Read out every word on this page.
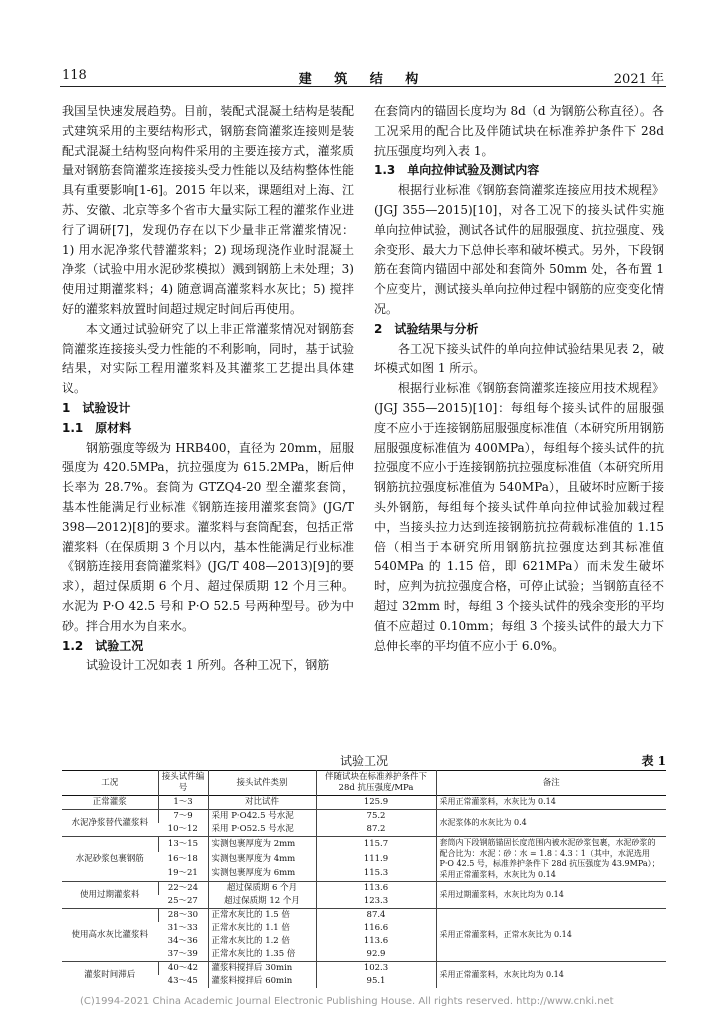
118	建 筑 结 构	2021 年

我国呈快速发展趋势。目前，装配式混凝土结构是装配式建筑采用的主要结构形式，钢筋套筒灌浆连接则是装配式混凝土结构竖向构件采用的主要连接方式，灌浆质量对钢筋套筒灌浆连接接头受力性能以及结构整体性能具有重要影响[1-6]。2015 年以来，课题组对上海、江苏、安徽、北京等多个省市大量实际工程的灌浆作业进行了调研[7]，发现仍存在以下少量非正常灌浆情况：1) 用水泥净浆代替灌浆料；2) 现场现浇作业时混凝土净浆（试验中用水泥砂浆模拟）溅到钢筋上未处理；3) 使用过期灌浆料；4) 随意调高灌浆料水灰比；5) 搅拌好的灌浆料放置时间超过规定时间后再使用。

本文通过试验研究了以上非正常灌浆情况对钢筋套筒灌浆连接接头受力性能的不利影响，同时，基于试验结果，对实际工程用灌浆料及其灌浆工艺提出具体建议。

1　试验设计

1.1　原材料

钢筋强度等级为 HRB400，直径为 20mm，屈服强度为 420.5MPa，抗拉强度为 615.2MPa，断后伸长率为 28.7%。套筒为 GTZQ4-20 型全灌浆套筒，基本性能满足行业标准《钢筋连接用灌浆套筒》(JG/T 398—2012)[8]的要求。灌浆料与套筒配套，包括正常灌浆料（在保质期 3 个月以内，基本性能满足行业标准《钢筋连接用套筒灌浆料》(JG/T 408—2013)[9]的要求），超过保质期 6 个月、超过保质期 12 个月三种。水泥为 P·O 42.5 号和 P·O 52.5 号两种型号。砂为中砂。拌合用水为自来水。

1.2　试验工况

试验设计工况如表 1 所列。各种工况下，钢筋

在套筒内的锚固长度均为 8d（d 为钢筋公称直径）。各工况采用的配合比及伴随试块在标准养护条件下 28d 抗压强度均列入表 1。

1.3　单向拉伸试验及测试内容

根据行业标准《钢筋套筒灌浆连接应用技术规程》(JGJ 355—2015)[10]，对各工况下的接头试件实施单向拉伸试验，测试各试件的屈服强度、抗拉强度、残余变形、最大力下总伸长率和破坏模式。另外，下段钢筋在套筒内锚固中部处和套筒外 50mm 处，各布置 1 个应变片，测试接头单向拉伸过程中钢筋的应变变化情况。

2　试验结果与分析

各工况下接头试件的单向拉伸试验结果见表 2，破坏模式如图 1 所示。

根据行业标准《钢筋套筒灌浆连接应用技术规程》(JGJ 355—2015)[10]：每组每个接头试件的屈服强度不应小于连接钢筋屈服强度标准值（本研究所用钢筋屈服强度标准值为 400MPa），每组每个接头试件的抗拉强度不应小于连接钢筋抗拉强度标准值（本研究所用钢筋抗拉强度标准值为 540MPa），且破坏时应断于接头外钢筋，每组每个接头试件单向拉伸试验加载过程中，当接头拉力达到连接钢筋抗拉荷载标准值的 1.15 倍（相当于本研究所用钢筋抗拉强度达到其标准值 540MPa 的 1.15 倍，即 621MPa）而未发生破坏时，应判为抗拉强度合格，可停止试验；当钢筋直径不超过 32mm 时，每组 3 个接头试件的残余变形的平均值不应超过 0.10mm；每组 3 个接头试件的最大力下总伸长率的平均值不应小于 6.0%。

试验工况	表 1
工况	接头试件编号	接头试件类别	伴随试块在标准养护条件下 28d 抗压强度/MPa	备注
正常灌浆	1～3	对比试件	125.9	采用正常灌浆料，水灰比为 0.14
水泥净浆替代灌浆料	7～9	采用 P·O42.5 号水泥	75.2	水泥浆体的水灰比为 0.4
	10～12	采用 P·O52.5 号水泥	87.2	
水泥砂浆包裹钢筋	13～15	实测包裹厚度为 2mm	115.7	套筒内下段钢筋锚固长度范围内被水泥砂浆包裹，水泥砂浆的配合比为：水泥∶砂∶水 = 1.8∶4.3∶1（其中，水泥选用 P·O 42.5 号，标准养护条件下 28d 抗压强度为 43.9MPa）；采用正常灌浆料，水灰比为 0.14
	16～18	实测包裹厚度为 4mm	111.9	
	19～21	实测包裹厚度为 6mm	115.3	
使用过期灌浆料	22～24	超过保质期 6 个月	113.6	采用过期灌浆料，水灰比均为 0.14
	25～27	超过保质期 12 个月	123.3	
使用高水灰比灌浆料	28～30	正常水灰比的 1.5 倍	87.4	采用正常灌浆料，正常水灰比为 0.14
	31～33	正常水灰比的 1.1 倍	116.6	
	34～36	正常水灰比的 1.2 倍	113.6	
	37～39	正常水灰比的 1.35 倍	92.9	
灌浆时间滞后	40～42	灌浆料搅拌后 30min	102.3	采用正常灌浆料，水灰比均为 0.14
	43～45	灌浆料搅拌后 60min	95.1	
(C)1994-2021 China Academic Journal Electronic Publishing House. All rights reserved. http://www.cnki.net
